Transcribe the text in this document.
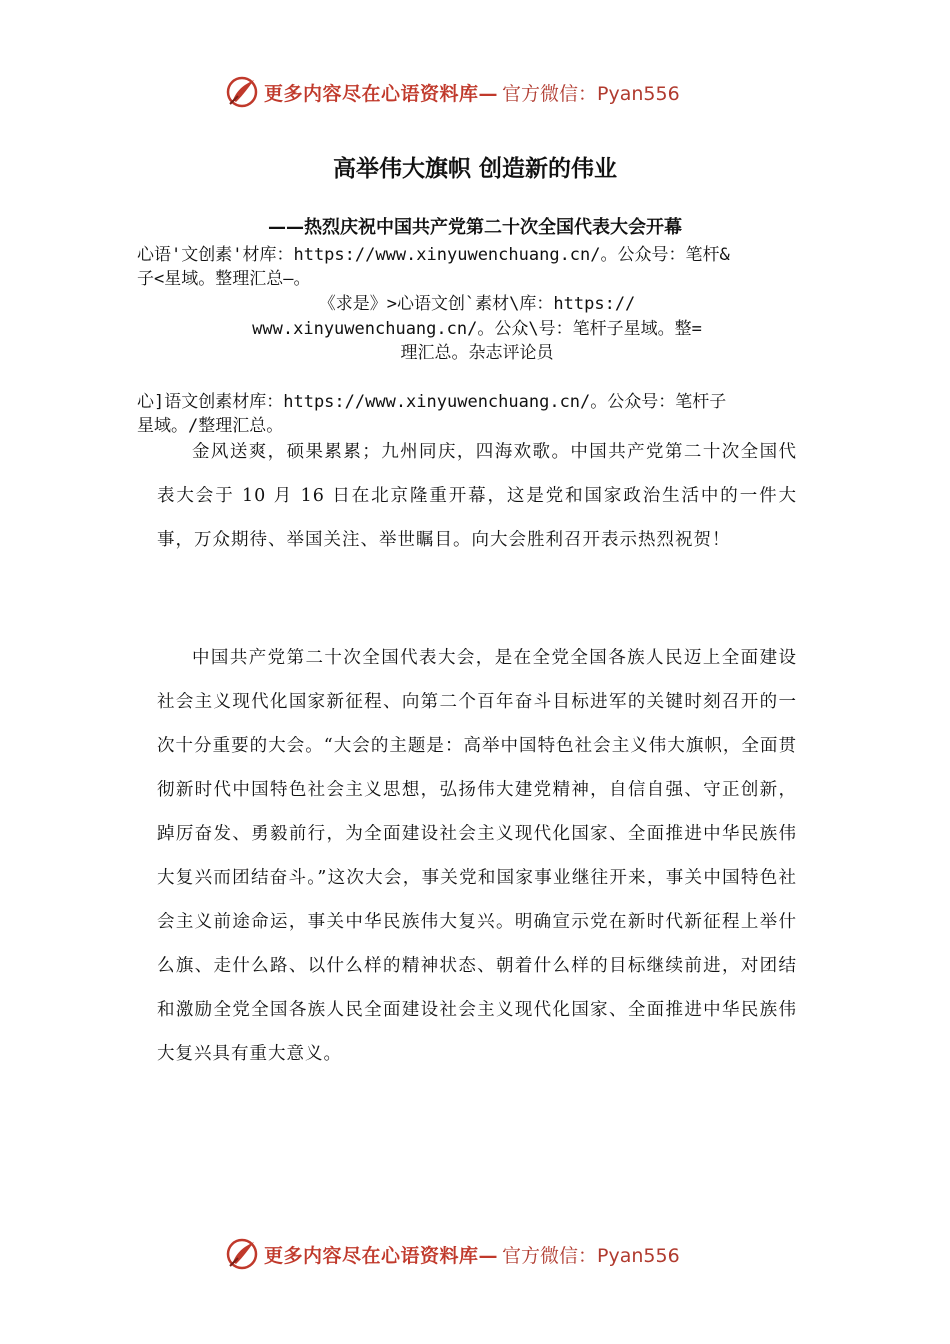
更多内容尽在心语资料库— 官方微信：Pyan556
高举伟大旗帜 创造新的伟业
——热烈庆祝中国共产党第二十次全国代表大会开幕
心语'文创素'材库：https://www.xinyuwenchuang.cn/。公众号：笔杆&
子<星域。整理汇总—。
《求是》>心语文创`素材\库：https://
www.xinyuwenchuang.cn/。公众\号：笔杆子星域。整=
理汇总。杂志评论员
心]语文创素材库：https://www.xinyuwenchuang.cn/。公众号：笔杆子
星域。/整理汇总。
金风送爽，硕果累累；九州同庆，四海欢歌。中国共产党第二十次全国代表大会于 10 月 16 日在北京隆重开幕，这是党和国家政治生活中的一件大事，万众期待、举国关注、举世瞩目。向大会胜利召开表示热烈祝贺！
中国共产党第二十次全国代表大会，是在全党全国各族人民迈上全面建设社会主义现代化国家新征程、向第二个百年奋斗目标进军的关键时刻召开的一次十分重要的大会。“大会的主题是：高举中国特色社会主义伟大旗帜，全面贯彻新时代中国特色社会主义思想，弘扬伟大建党精神，自信自强、守正创新，踔厉奋发、勇毅前行，为全面建设社会主义现代化国家、全面推进中华民族伟大复兴而团结奋斗。”这次大会，事关党和国家事业继往开来，事关中国特色社会主义前途命运，事关中华民族伟大复兴。明确宣示党在新时代新征程上举什么旗、走什么路、以什么样的精神状态、朝着什么样的目标继续前进，对团结和激励全党全国各族人民全面建设社会主义现代化国家、全面推进中华民族伟大复兴具有重大意义。
更多内容尽在心语资料库— 官方微信：Pyan556
